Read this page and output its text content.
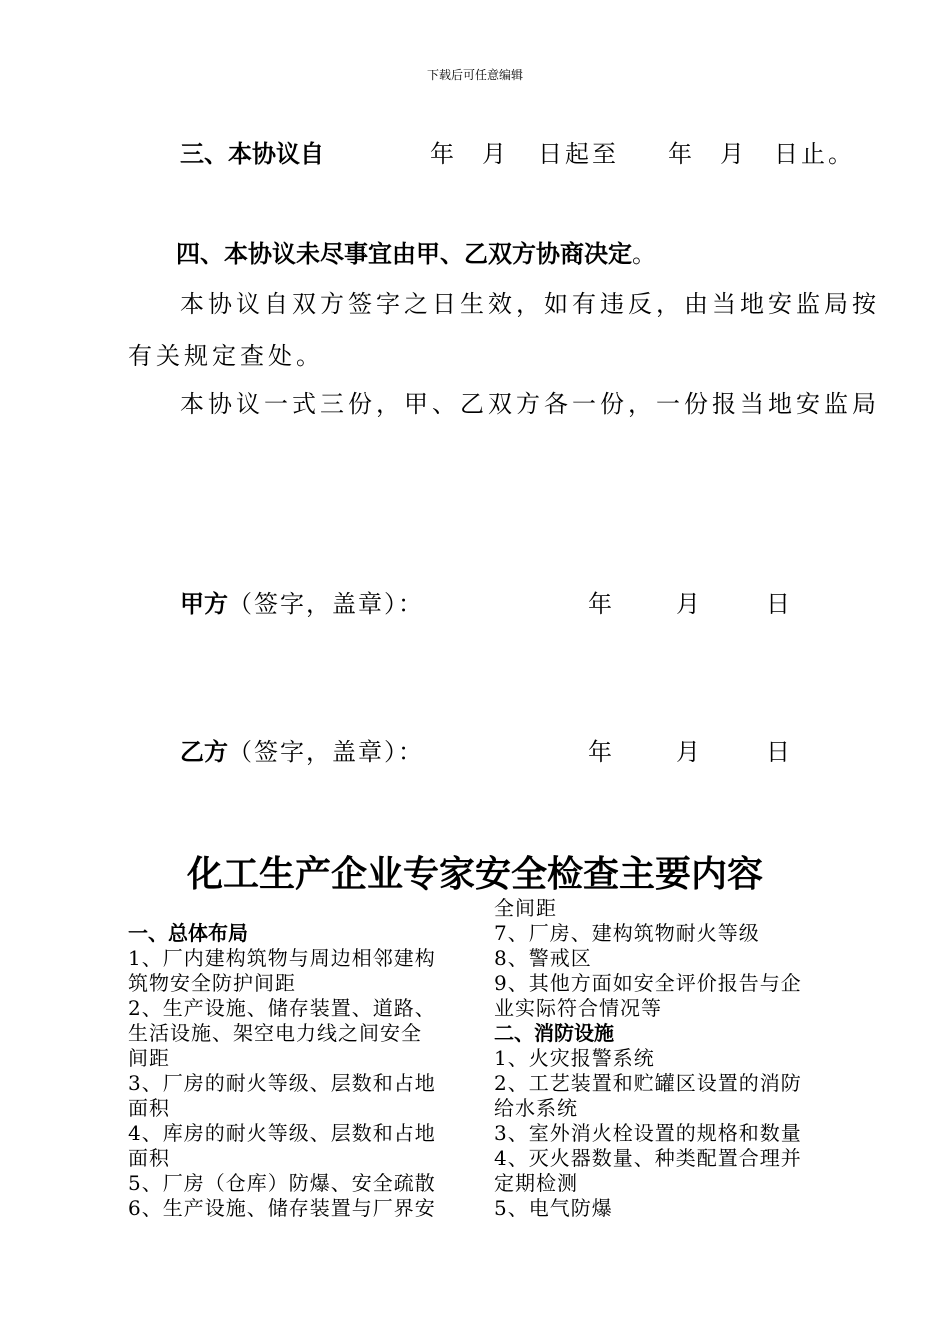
下载后可任意编辑
三、本协议自	年 月 日起至 年 月 日止。
四、本协议未尽事宜由甲、乙双方协商决定。
本协议自双方签字之日生效，如有违反，由当地安监局按
有关规定查处。
本协议一式三份，甲、乙双方各一份，一份报当地安监局
甲方（签字，盖章）：	年	月	日
乙方（签字，盖章）：	年	月	日
化工生产企业专家安全检查主要内容

一、总体布局
1、厂内建构筑物与周边相邻建构
筑物安全防护间距
2、生产设施、储存装置、道路、
生活设施、架空电力线之间安全
间距
3、厂房的耐火等级、层数和占地
面积
4、库房的耐火等级、层数和占地
面积
5、厂房（仓库）防爆、安全疏散
6、生产设施、储存装置与厂界安
全间距
7、厂房、建构筑物耐火等级
8、警戒区
9、其他方面如安全评价报告与企
业实际符合情况等
二、消防设施
1、火灾报警系统
2、工艺装置和贮罐区设置的消防
给水系统
3、室外消火栓设置的规格和数量
4、灭火器数量、种类配置合理并
定期检测
5、电气防爆
